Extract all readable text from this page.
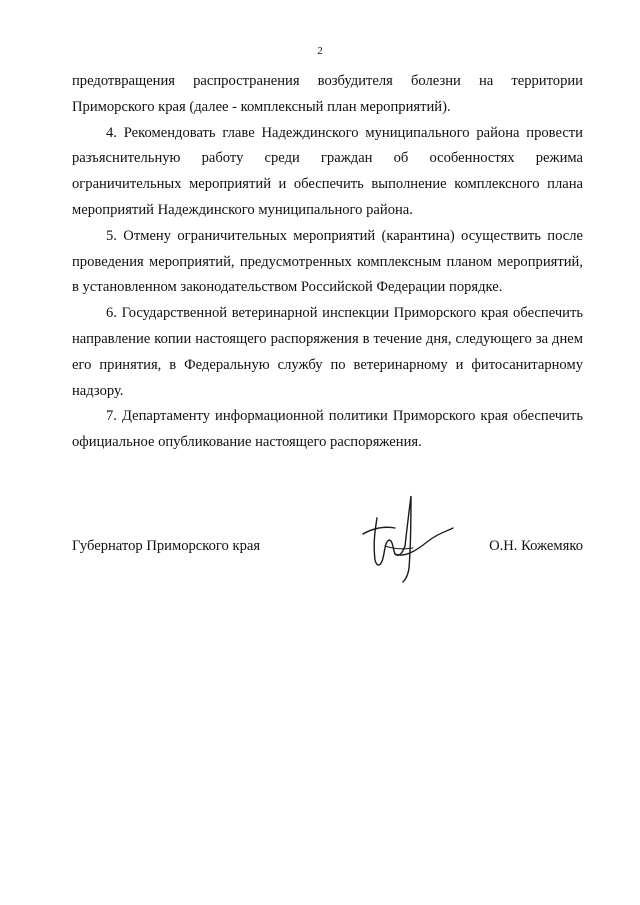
2

предотвращения распространения возбудителя болезни на территории Приморского края (далее - комплексный план мероприятий).

4. Рекомендовать главе Надеждинского муниципального района провести разъяснительную работу среди граждан об особенностях режима ограничительных мероприятий и обеспечить выполнение комплексного плана мероприятий Надеждинского муниципального района.

5. Отмену ограничительных мероприятий (карантина) осуществить после проведения мероприятий, предусмотренных комплексным планом мероприятий, в установленном законодательством Российской Федерации порядке.

6. Государственной ветеринарной инспекции Приморского края обеспечить направление копии настоящего распоряжения в течение дня, следующего за днем его принятия, в Федеральную службу по ветеринарному и фитосанитарному надзору.

7. Департаменту информационной политики Приморского края обеспечить официальное опубликование настоящего распоряжения.

Губернатор Приморского края	О.Н. Кожемяко
